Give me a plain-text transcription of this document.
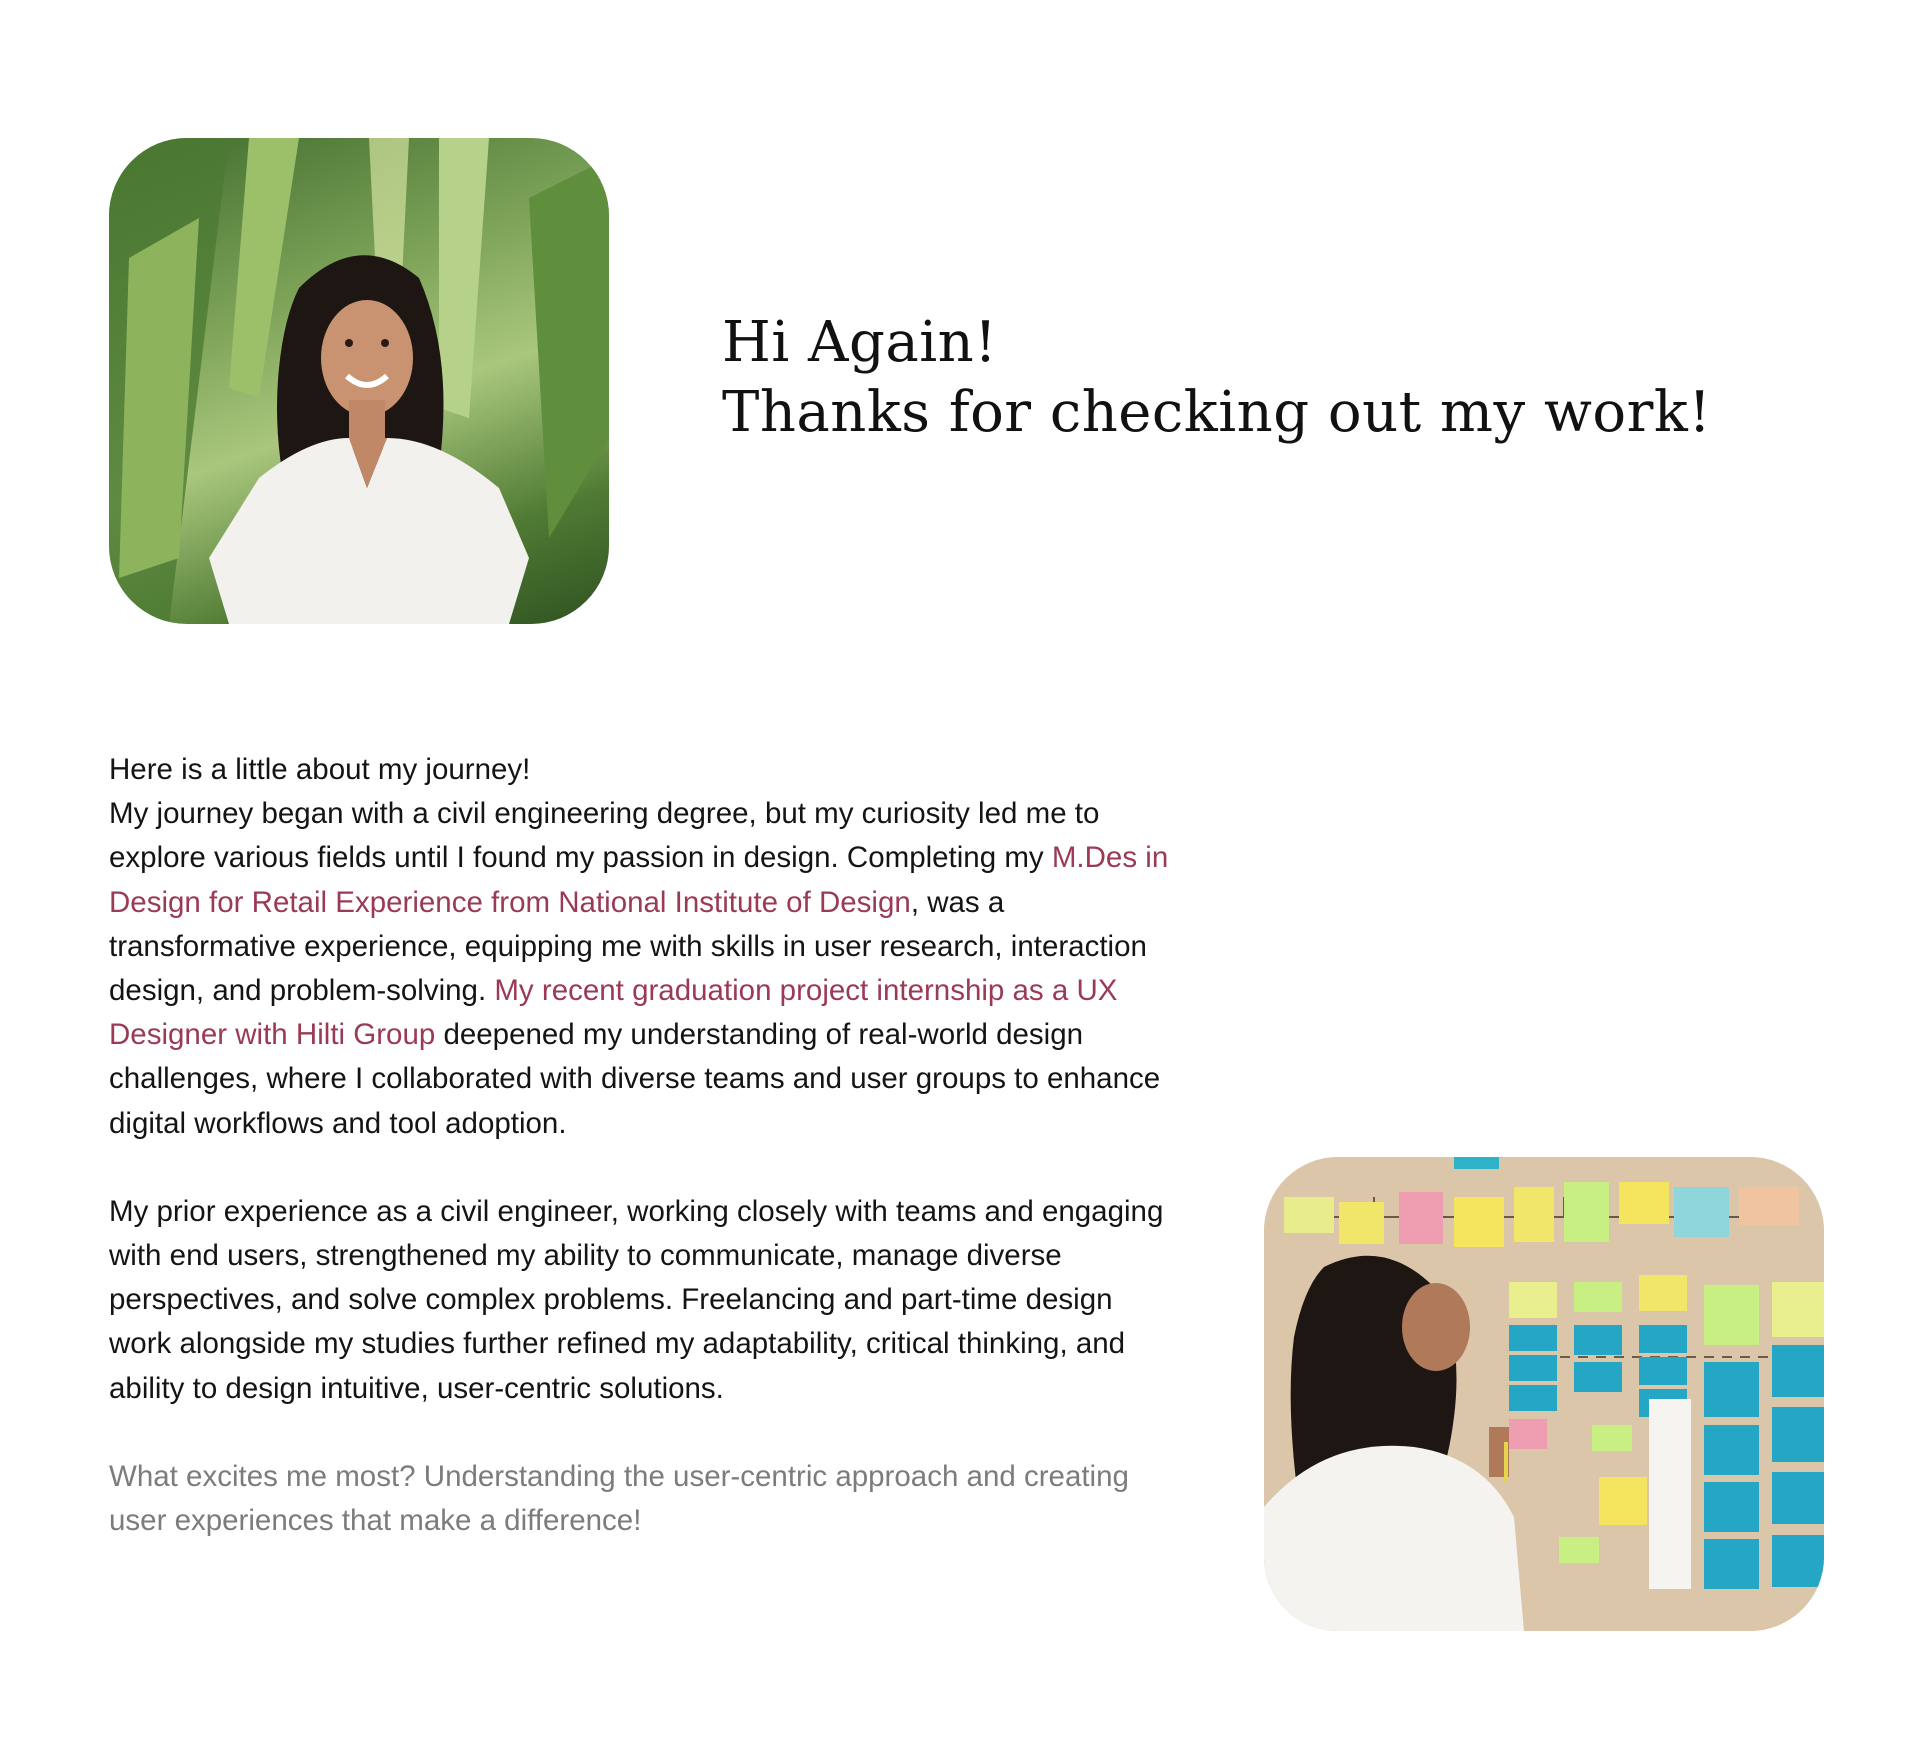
Hi Again!
Thanks for checking out my work!

Here is a little about my journey!

My journey began with a civil engineering degree, but my curiosity led me to explore various fields until I found my passion in design. Completing my M.Des in Design for Retail Experience from National Institute of Design, was a transformative experience, equipping me with skills in user research, interaction design, and problem-solving. My recent graduation project internship as a UX Designer with Hilti Group deepened my understanding of real-world design challenges, where I collaborated with diverse teams and user groups to enhance digital workflows and tool adoption.

My prior experience as a civil engineer, working closely with teams and engaging with end users, strengthened my ability to communicate, manage diverse perspectives, and solve complex problems. Freelancing and part-time design work alongside my studies further refined my adaptability, critical thinking, and ability to design intuitive, user-centric solutions.

What excites me most? Understanding the user-centric approach and creating user experiences that make a difference!
